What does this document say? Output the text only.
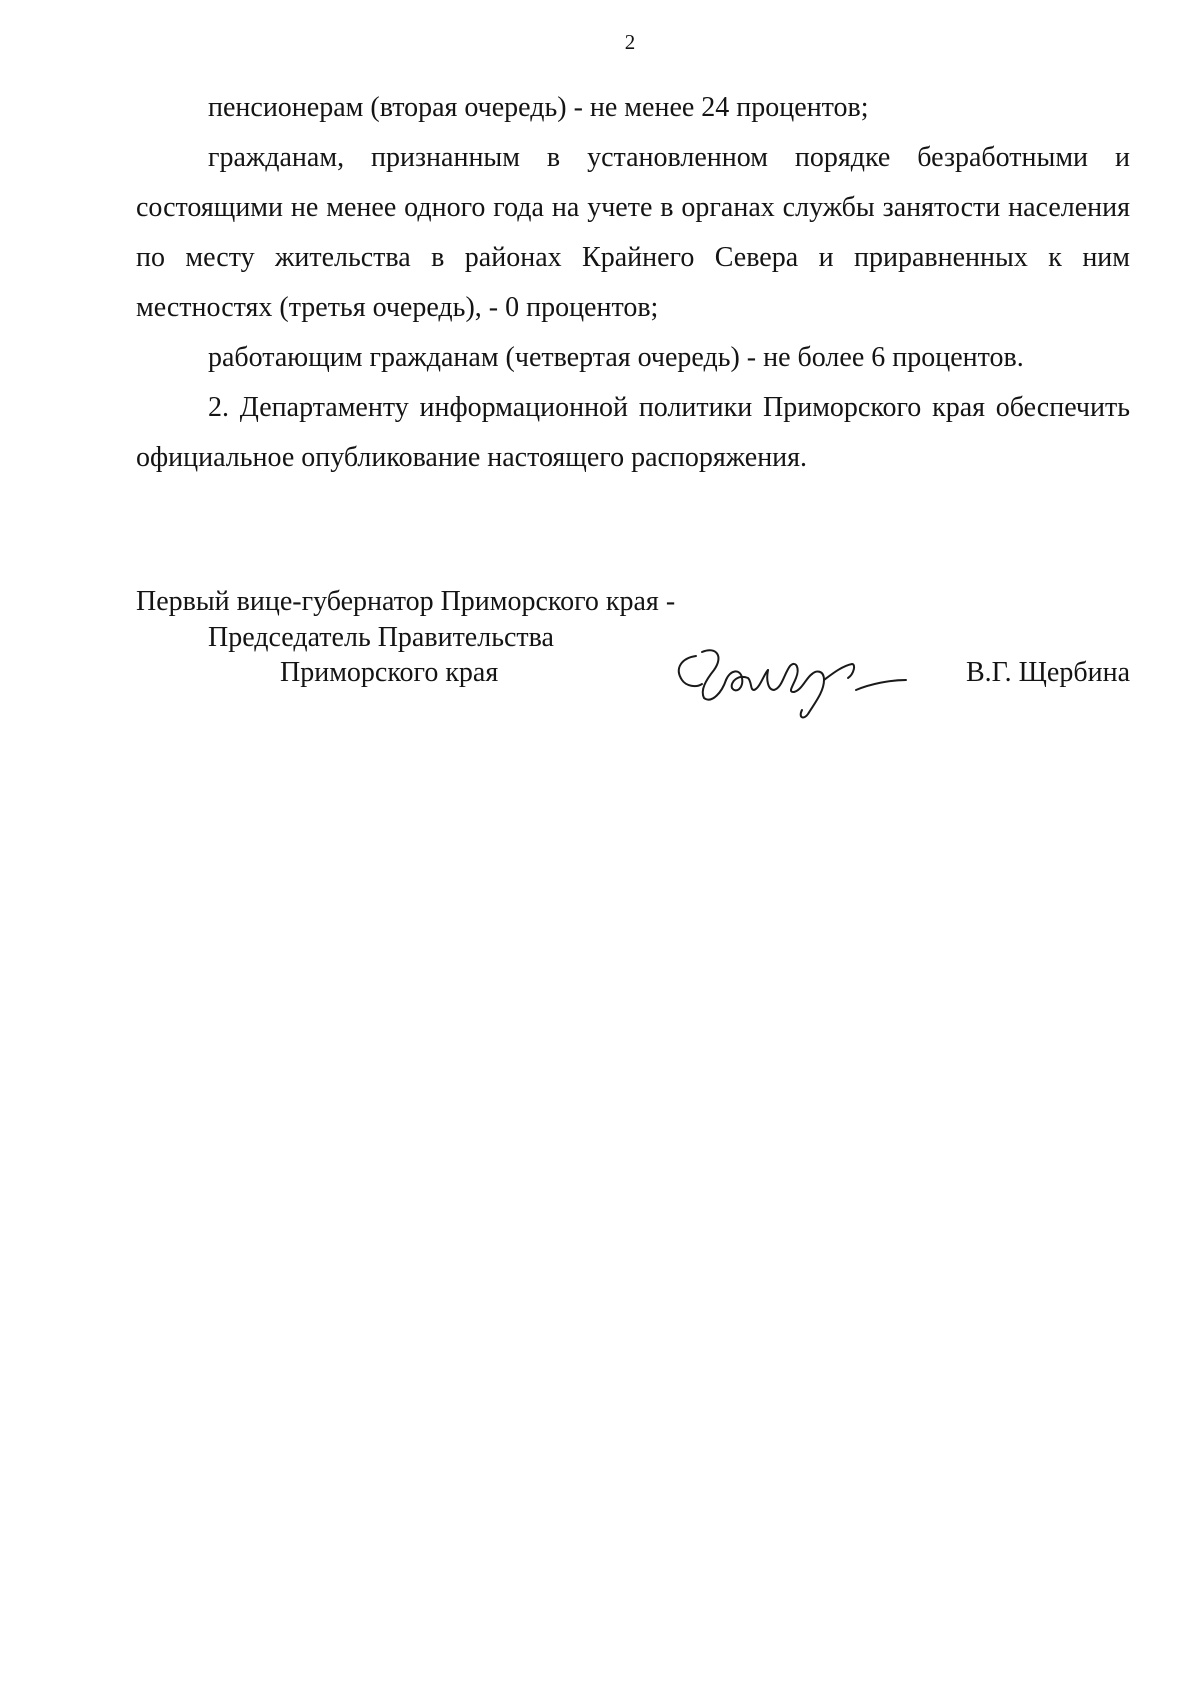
2

пенсионерам (вторая очередь) - не менее 24 процентов;

гражданам, признанным в установленном порядке безработными и состоящими не менее одного года на учете в органах службы занятости населения по месту жительства в районах Крайнего Севера и приравненных к ним местностях (третья очередь), - 0 процентов;

работающим гражданам (четвертая очередь) - не более 6 процентов.

2. Департаменту информационной политики Приморского края обеспечить официальное опубликование настоящего распоряжения.

Первый вице-губернатор Приморского края -
Председатель Правительства
Приморского края	В.Г. Щербина
